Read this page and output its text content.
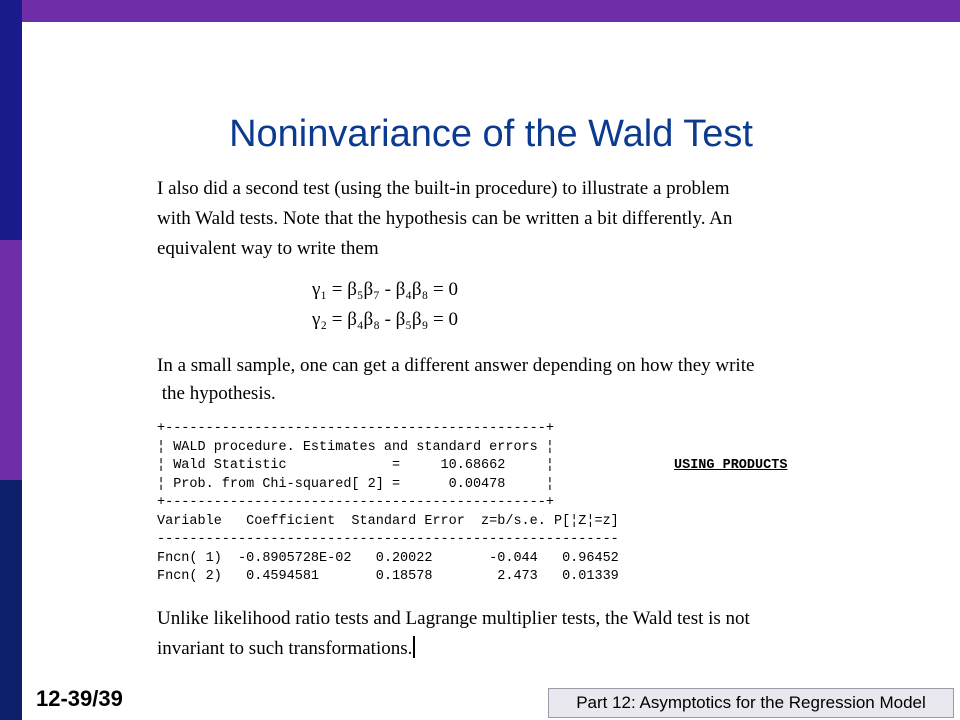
Noninvariance of the Wald Test
I also did a second test (using the built-in procedure) to illustrate a problem
with Wald tests. Note that the hypothesis can be written a bit differently. An
equivalent way to write them
γ₁ = β₅β₇ - β₄β₈ = 0
γ₂ = β₄β₈ - β₅β₉ = 0
In a small sample, one can get a different answer depending on how they write
the hypothesis.
+-----------------------------------------------+
¦ WALD procedure. Estimates and standard errors ¦
¦ Wald Statistic             =     10.68662     ¦
¦ Prob. from Chi-squared[ 2] =      0.00478     ¦
+-----------------------------------------------+
Variable   Coefficient  Standard Error  z=b/s.e. P[¦Z¦=z]
---------------------------------------------------------
Fncn( 1)  -0.8905728E-02   0.20022       -0.044   0.96452
Fncn( 2)   0.4594581       0.18578        2.473   0.01339
USING PRODUCTS
Unlike likelihood ratio tests and Lagrange multiplier tests, the Wald test is not
invariant to such transformations.
12-39/39	Part 12: Asymptotics for the Regression Model
